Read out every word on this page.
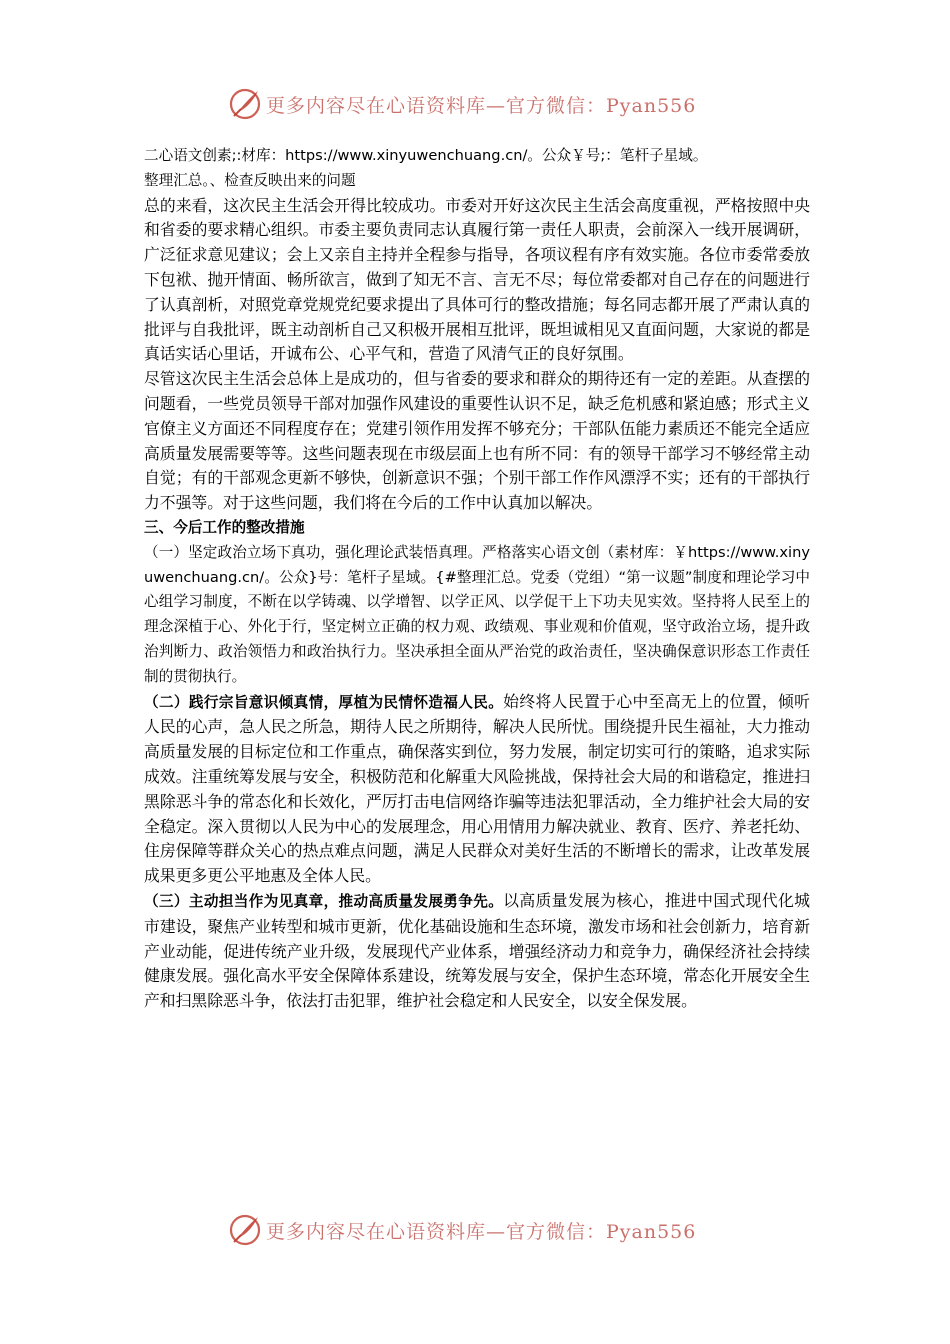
更多内容尽在心语资料库—官方微信：Pyan556

二心语文创素;:材库：https://www.xinyuwenchuang.cn/。公众￥号;：笔杆子星域。

整理汇总。、检查反映出来的问题

总的来看，这次民主生活会开得比较成功。市委对开好这次民主生活会高度重视，严格按照中央和省委的要求精心组织。市委主要负责同志认真履行第一责任人职责，会前深入一线开展调研，广泛征求意见建议；会上又亲自主持并全程参与指导，各项议程有序有效实施。各位市委常委放下包袱、抛开情面、畅所欲言，做到了知无不言、言无不尽；每位常委都对自己存在的问题进行了认真剖析，对照党章党规党纪要求提出了具体可行的整改措施；每名同志都开展了严肃认真的批评与自我批评，既主动剖析自己又积极开展相互批评，既坦诚相见又直面问题，大家说的都是真话实话心里话，开诚布公、心平气和，营造了风清气正的良好氛围。

尽管这次民主生活会总体上是成功的，但与省委的要求和群众的期待还有一定的差距。从查摆的问题看，一些党员领导干部对加强作风建设的重要性认识不足，缺乏危机感和紧迫感；形式主义官僚主义方面还不同程度存在；党建引领作用发挥不够充分；干部队伍能力素质还不能完全适应高质量发展需要等等。这些问题表现在市级层面上也有所不同：有的领导干部学习不够经常主动自觉；有的干部观念更新不够快，创新意识不强；个别干部工作作风漂浮不实；还有的干部执行力不强等。对于这些问题，我们将在今后的工作中认真加以解决。

三、今后工作的整改措施

（一）坚定政治立场下真功，强化理论武装悟真理。严格落实心语文创（素材库：￥https://www.xinyuwenchuang.cn/。公众}号：笔杆子星域。{#整理汇总。党委（党组）“第一议题”制度和理论学习中心组学习制度，不断在以学铸魂、以学增智、以学正风、以学促干上下功夫见实效。坚持将人民至上的理念深植于心、外化于行，坚定树立正确的权力观、政绩观、事业观和价值观，坚守政治立场，提升政治判断力、政治领悟力和政治执行力。坚决承担全面从严治党的政治责任，坚决确保意识形态工作责任制的贯彻执行。

（二）践行宗旨意识倾真情，厚植为民情怀造福人民。始终将人民置于心中至高无上的位置，倾听人民的心声，急人民之所急，期待人民之所期待，解决人民所忧。围绕提升民生福祉，大力推动高质量发展的目标定位和工作重点，确保落实到位，努力发展，制定切实可行的策略，追求实际成效。注重统筹发展与安全，积极防范和化解重大风险挑战，保持社会大局的和谐稳定，推进扫黑除恶斗争的常态化和长效化，严厉打击电信网络诈骗等违法犯罪活动，全力维护社会大局的安全稳定。深入贯彻以人民为中心的发展理念，用心用情用力解决就业、教育、医疗、养老托幼、住房保障等群众关心的热点难点问题，满足人民群众对美好生活的不断增长的需求，让改革发展成果更多更公平地惠及全体人民。

（三）主动担当作为见真章，推动高质量发展勇争先。以高质量发展为核心，推进中国式现代化城市建设，聚焦产业转型和城市更新，优化基础设施和生态环境，激发市场和社会创新力，培育新产业动能，促进传统产业升级，发展现代产业体系，增强经济动力和竞争力，确保经济社会持续健康发展。强化高水平安全保障体系建设，统筹发展与安全，保护生态环境，常态化开展安全生产和扫黑除恶斗争，依法打击犯罪，维护社会稳定和人民安全，以安全保发展。

更多内容尽在心语资料库—官方微信：Pyan556
